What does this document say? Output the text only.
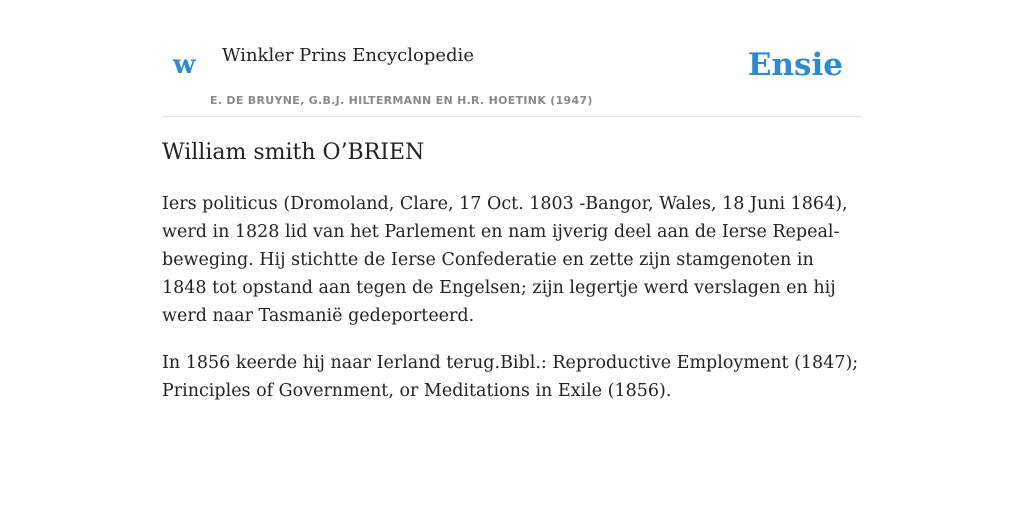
w Winkler Prins Encyclopedie
E. DE BRUYNE, G.B.J. HILTERMANN EN H.R. HOETINK (1947)
Ensie
William smith O’BRIEN

Iers politicus (Dromoland, Clare, 17 Oct. 1803 -Bangor, Wales, 18 Juni 1864), werd in 1828 lid van het Parlement en nam ijverig deel aan de Ierse Repeal-beweging. Hij stichtte de Ierse Confederatie en zette zijn stamgenoten in 1848 tot opstand aan tegen de Engelsen; zijn legertje werd verslagen en hij werd naar Tasmanië gedeporteerd.

In 1856 keerde hij naar Ierland terug.Bibl.: Reproductive Employment (1847); Principles of Government, or Meditations in Exile (1856).
